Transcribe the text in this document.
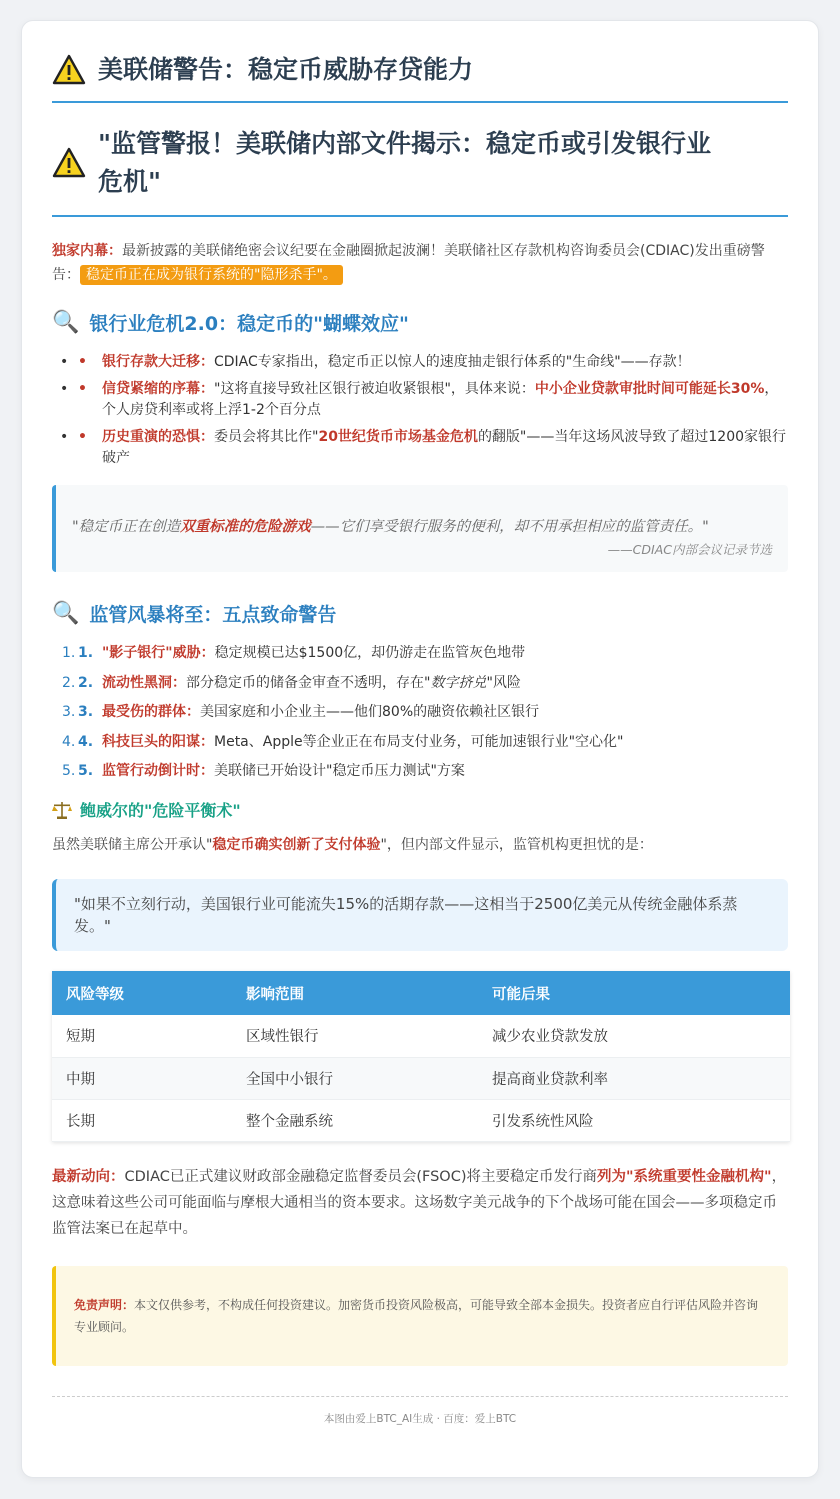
美联储警告：稳定币威胁存贷能力
"监管警报！美联储内部文件揭示：稳定币或引发银行业
危机"

独家内幕：最新披露的美联储绝密会议纪要在金融圈掀起波澜！美联储社区存款机构咨询委员会(CDIAC)发出重磅警告： 稳定币正在成为银行系统的"隐形杀手"。

🔍 银行业危机2.0：稳定币的"蝴蝶效应"
• • 银行存款大迁移：CDIAC专家指出，稳定币正以惊人的速度抽走银行体系的"生命线"——存款！
• • 信贷紧缩的序幕："这将直接导致社区银行被迫收紧银根"，具体来说：中小企业贷款审批时间可能延长30%，个人房贷利率或将上浮1-2个百分点
• • 历史重演的恐惧：委员会将其比作"20世纪货币市场基金危机的翻版"——当年这场风波导致了超过1200家银行破产
"稳定币正在创造双重标准的危险游戏——它们享受银行服务的便利，却不用承担相应的监管责任。"
——CDIAC内部会议记录节选
🔍 监管风暴将至：五点致命警告
1. 1. "影子银行"威胁：稳定规模已达$1500亿，却仍游走在监管灰色地带
2. 2. 流动性黑洞：部分稳定币的储备金审查不透明，存在"数字挤兑"风险
3. 3. 最受伤的群体：美国家庭和小企业主——他们80%的融资依赖社区银行
4. 4. 科技巨头的阳谋：Meta、Apple等企业正在布局支付业务，可能加速银行业"空心化"
5. 5. 监管行动倒计时：美联储已开始设计"稳定币压力测试"方案
鲍威尔的"危险平衡术"

虽然美联储主席公开承认"稳定币确实创新了支付体验"，但内部文件显示，监管机构更担忧的是：

"如果不立刻行动，美国银行业可能流失15%的活期存款——这相当于2500亿美元从传统金融体系蒸发。"
风险等级	影响范围	可能后果
短期	区域性银行	减少农业贷款发放
中期	全国中小银行	提高商业贷款利率
长期	整个金融系统	引发系统性风险

最新动向：CDIAC已正式建议财政部金融稳定监督委员会(FSOC)将主要稳定币发行商列为"系统重要性金融机构"，这意味着这些公司可能面临与摩根大通相当的资本要求。这场数字美元战争的下个战场可能在国会——多项稳定币监管法案已在起草中。

免责声明：本文仅供参考，不构成任何投资建议。加密货币投资风险极高，可能导致全部本金损失。投资者应自行评估风险并咨询专业顾问。
本图由爱上BTC_AI生成 · 百度：爱上BTC
